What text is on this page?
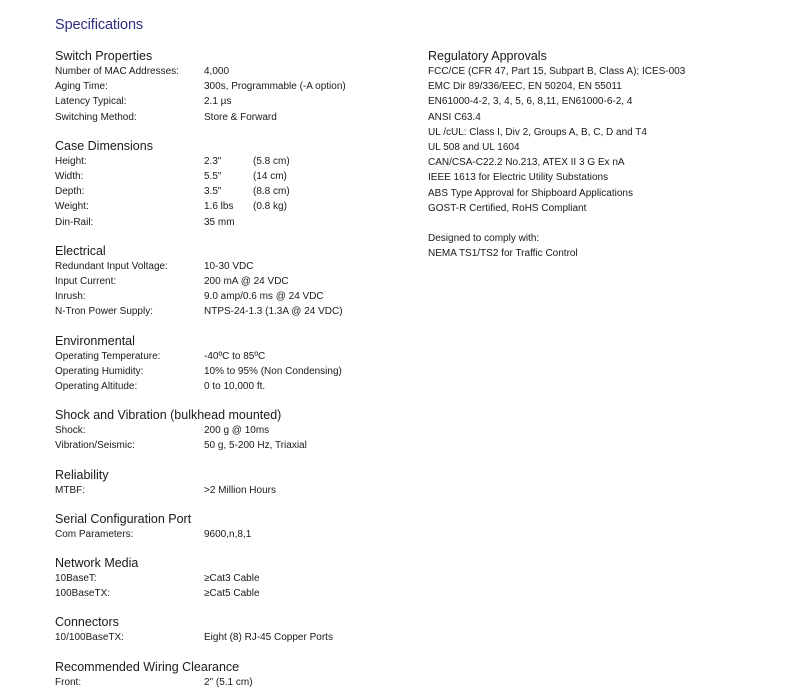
Specifications
Switch Properties
Number of MAC Addresses:	4,000
Aging Time:	300s, Programmable (-A option)
Latency Typical:	2.1 µs
Switching Method:	Store & Forward
Case Dimensions
Height:	2.3"	(5.8 cm)
Width:	5.5"	(14 cm)
Depth:	3.5"	(8.8 cm)
Weight:	1.6 lbs	(0.8 kg)
Din-Rail:	35 mm
Electrical
Redundant Input Voltage:	10-30 VDC
Input Current:	200 mA @ 24 VDC
Inrush:	9.0 amp/0.6 ms @ 24 VDC
N-Tron Power Supply:	NTPS-24-1.3 (1.3A @ 24 VDC)
Environmental
Operating Temperature:	-40ºC to 85ºC
Operating Humidity:	10% to 95% (Non Condensing)
Operating Altitude:	0 to 10,000 ft.
Shock and Vibration (bulkhead mounted)
Shock:	200 g @ 10ms
Vibration/Seismic:	50 g, 5-200 Hz, Triaxial
Reliability
MTBF:	>2 Million Hours
Serial Configuration Port
Com Parameters:	9600,n,8,1
Network Media
10BaseT:	≥Cat3 Cable
100BaseTX:	≥Cat5 Cable
Connectors
10/100BaseTX:	Eight (8) RJ-45 Copper Ports
Recommended Wiring Clearance
Front:	2" (5.1 cm)
Regulatory Approvals
FCC/CE (CFR 47, Part 15, Subpart B, Class A); ICES-003
EMC Dir 89/336/EEC, EN 50204, EN 55011
EN61000-4-2, 3, 4, 5, 6, 8,11, EN61000-6-2, 4
ANSI C63.4
UL /cUL: Class I, Div 2, Groups A, B, C, D and T4
UL 508 and UL 1604
CAN/CSA-C22.2 No.213, ATEX II 3 G Ex nA
IEEE 1613 for Electric Utility Substations
ABS Type Approval for Shipboard Applications
GOST-R Certified, RoHS Compliant
Designed to comply with:
NEMA TS1/TS2 for Traffic Control
